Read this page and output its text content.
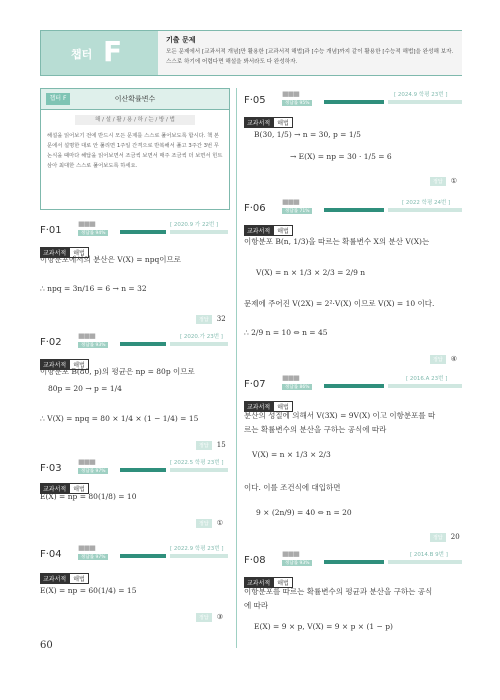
챕터 F	기출 문제
모든 문제에서 [교과서적 개념]만 활용한 [교과서적 해법]과 [수능 개념]까지 같이 활용한 [수능적 해법]을 완성해 보자. 스스로 하기에 어렵다면 해설을 봐서라도 다 완성하자.
챕터 F	이산확률변수
해 / 설 / 활 / 용 / 하 / 는 / 방 / 법
해설을 읽어보기 전에 반드시 모든 문제를 스스로 풀어보도록 합시다. 책 본문에서 설명한 대로 안 풀리면 1주일 간격으로 반복해서 풀고 3주간 3번 무논식을 때마다 해답을 읽어보면서 조금씩 보면서 매주 조금씩 더 보면서 힌트 삼아 최대한 스스로 풀어보도록 하세요.
F·01
■■■
정답률 94%
[ 2020.9 가 22번 ]
교과서적 해법
이항분포에서의 분산은 V(X) = npq이므로
∴ npq = 3n/16 = 6 → n = 32
정답 32
F·02
■■■
정답률 93%
[ 2020.가 23번 ]
교과서적 해법
이항분포 B(80, p)의 평균은 np = 80p 이므로
80p = 20 → p = 1/4
∴ V(X) = npq = 80 × 1/4 × (1 − 1/4) = 15
정답 15
F·03
■■■
정답률 97%
[ 2022.5 학평 23번 ]
교과서적 해법
E(X) = np = 80(1/8) = 10
정답 ①
F·04
■■■
정답률 97%
[ 2022.9 학평 23번 ]
교과서적 해법
E(X) = np = 60(1/4) = 15
정답 ③
F·05
■■■
정답률 95%
[ 2024.9 학평 23번 ]
교과서적 해법
B(30, 1/5) → n = 30, p = 1/5
→ E(X) = np = 30 · 1/5 = 6
정답 ①
F·06
■■■
정답률 71%
[ 2022 학평 24번 ]
교과서적 해법
이항분포 B(n, 1/3)을 따르는 확률변수 X의 분산 V(X)는
V(X) = n × 1/3 × 2/3 = 2/9 n
문제에 주어진 V(2X) = 2²·V(X) 이므로 V(X) = 10 이다.
∴ 2/9 n = 10 ⇔ n = 45
정답 ④
F·07
■■■
정답률 86%
[ 2016.A 23번 ]
교과서적 해법
분산의 성질에 의해서 V(3X) = 9V(X) 이고 이항분포를 따
르는 확률변수의 분산을 구하는 공식에 따라
V(X) = n × 1/3 × 2/3
이다. 이를 조건식에 대입하면
9 × (2n/9) = 40 ⇔ n = 20
정답 20
F·08
■■■
정답률 93%
[ 2014.B 9번 ]
교과서적 해법
이항분포를 따르는 확률변수의 평균과 분산을 구하는 공식
에 따라
E(X) = 9 × p, V(X) = 9 × p × (1 − p)
60
